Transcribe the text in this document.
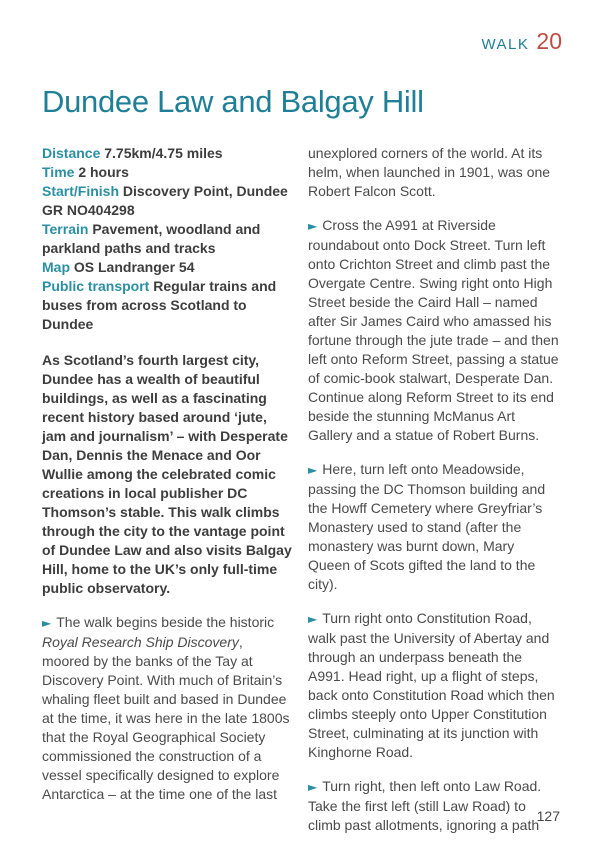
WALK 20
Dundee Law and Balgay Hill
Distance 7.75km/4.75 miles
Time 2 hours
Start/Finish Discovery Point, Dundee GR NO404298
Terrain Pavement, woodland and parkland paths and tracks
Map OS Landranger 54
Public transport Regular trains and buses from across Scotland to Dundee
As Scotland’s fourth largest city, Dundee has a wealth of beautiful buildings, as well as a fascinating recent history based around ‘jute, jam and journalism’ – with Desperate Dan, Dennis the Menace and Oor Wullie among the celebrated comic creations in local publisher DC Thomson’s stable. This walk climbs through the city to the vantage point of Dundee Law and also visits Balgay Hill, home to the UK’s only full-time public observatory.

► The walk begins beside the historic Royal Research Ship Discovery, moored by the banks of the Tay at Discovery Point. With much of Britain’s whaling fleet built and based in Dundee at the time, it was here in the late 1800s that the Royal Geographical Society commissioned the construction of a vessel specifically designed to explore Antarctica – at the time one of the last

unexplored corners of the world. At its helm, when launched in 1901, was one Robert Falcon Scott.

► Cross the A991 at Riverside roundabout onto Dock Street. Turn left onto Crichton Street and climb past the Overgate Centre. Swing right onto High Street beside the Caird Hall – named after Sir James Caird who amassed his fortune through the jute trade – and then left onto Reform Street, passing a statue of comic-book stalwart, Desperate Dan. Continue along Reform Street to its end beside the stunning McManus Art Gallery and a statue of Robert Burns.

► Here, turn left onto Meadowside, passing the DC Thomson building and the Howff Cemetery where Greyfriar’s Monastery used to stand (after the monastery was burnt down, Mary Queen of Scots gifted the land to the city).

► Turn right onto Constitution Road, walk past the University of Abertay and through an underpass beneath the A991. Head right, up a flight of steps, back onto Constitution Road which then climbs steeply onto Upper Constitution Street, culminating at its junction with Kinghorne Road.

► Turn right, then left onto Law Road. Take the first left (still Law Road) to climb past allotments, ignoring a path

127
